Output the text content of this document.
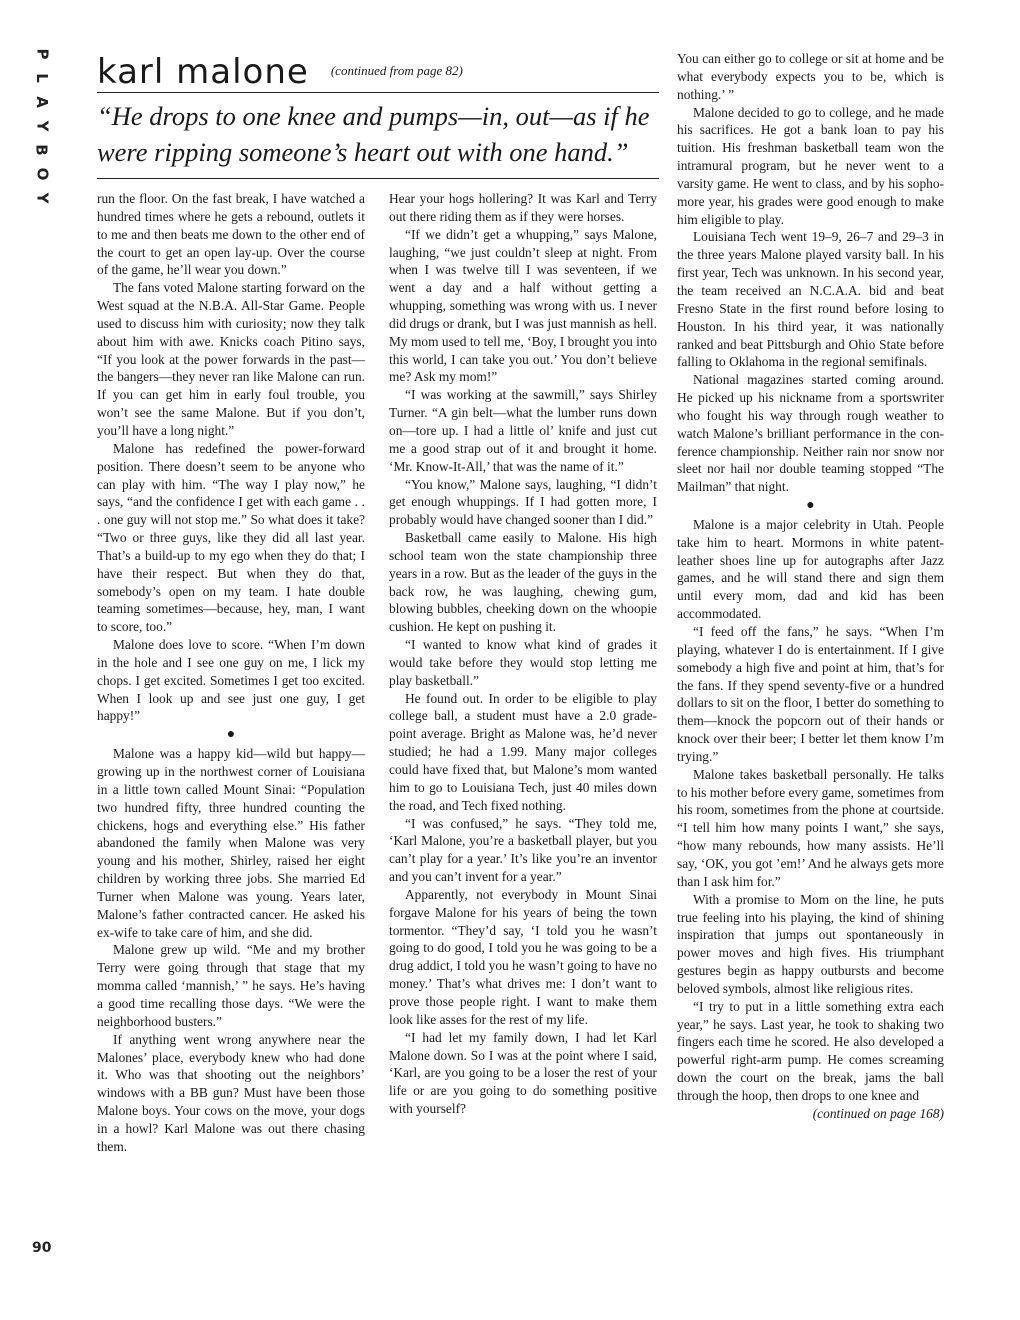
P
L
A
Y
B
O
Y
karl malone (continued from page 82)
“He drops to one knee and pumps—in, out—as if he were ripping someone’s heart out with one hand.”

run the floor. On the fast break, I have watched a hundred times where he gets a rebound, outlets it to me and then beats me down to the other end of the court to get an open lay-up. Over the course of the game, he’ll wear you down.”

The fans voted Malone starting forward on the West squad at the N.B.A. All-Star Game. People used to discuss him with curiosity; now they talk about him with awe. Knicks coach Pitino says, “If you look at the power forwards in the past—the bangers—they never ran like Malone can run. If you can get him in early foul trouble, you won’t see the same Malone. But if you don’t, you’ll have a long night.”

Malone has redefined the power-forward position. There doesn’t seem to be anyone who can play with him. “The way I play now,” he says, “and the confidence I get with each game . . . one guy will not stop me.” So what does it take? “Two or three guys, like they did all last year. That’s a build-up to my ego when they do that; I have their respect. But when they do that, somebody’s open on my team. I hate double teaming sometimes—because, hey, man, I want to score, too.”

Malone does love to score. “When I’m down in the hole and I see one guy on me, I lick my chops. I get excited. Sometimes I get too excited. When I look up and see just one guy, I get happy!”

●

Malone was a happy kid—wild but happy—growing up in the northwest corner of Louisiana in a little town called Mount Sinai: “Population two hundred fifty, three hundred counting the chickens, hogs and everything else.” His father abandoned the family when Malone was very young and his mother, Shirley, raised her eight children by working three jobs. She married Ed Turner when Malone was young. Years later, Malone’s father contracted cancer. He asked his ex-wife to take care of him, and she did.

Malone grew up wild. “Me and my brother Terry were going through that stage that my momma called ‘mannish,’ ” he says. He’s having a good time recalling those days. “We were the neighborhood busters.”

If anything went wrong anywhere near the Malones’ place, everybody knew who had done it. Who was that shooting out the neighbors’ windows with a BB gun? Must have been those Malone boys. Your cows on the move, your dogs in a howl? Karl Malone was out there chasing them.

Hear your hogs hollering? It was Karl and Terry out there riding them as if they were horses.

“If we didn’t get a whupping,” says Malone, laughing, “we just couldn’t sleep at night. From when I was twelve till I was seventeen, if we went a day and a half without getting a whupping, something was wrong with us. I never did drugs or drank, but I was just mannish as hell. My mom used to tell me, ‘Boy, I brought you into this world, I can take you out.’ You don’t believe me? Ask my mom!”

“I was working at the sawmill,” says Shirley Turner. “A gin belt—what the lumber runs down on—tore up. I had a little ol’ knife and just cut me a good strap out of it and brought it home. ‘Mr. Know-It-All,’ that was the name of it.”

“You know,” Malone says, laughing, “I didn’t get enough whuppings. If I had gotten more, I probably would have changed sooner than I did.”

Basketball came easily to Malone. His high school team won the state championship three years in a row. But as the leader of the guys in the back row, he was laughing, chewing gum, blowing bubbles, cheeking down on the whoopie cushion. He kept on pushing it.

“I wanted to know what kind of grades it would take before they would stop letting me play basketball.”

He found out. In order to be eligible to play college ball, a student must have a 2.0 grade-point average. Bright as Malone was, he’d never studied; he had a 1.99. Many major colleges could have fixed that, but Malone’s mom wanted him to go to Louisiana Tech, just 40 miles down the road, and Tech fixed nothing.

“I was confused,” he says. “They told me, ‘Karl Malone, you’re a basketball player, but you can’t play for a year.’ It’s like you’re an inventor and you can’t invent for a year.”

Apparently, not everybody in Mount Sinai forgave Malone for his years of being the town tormentor. “They’d say, ‘I told you he wasn’t going to do good, I told you he was going to be a drug addict, I told you he wasn’t going to have no money.’ That’s what drives me: I don’t want to prove those people right. I want to make them look like asses for the rest of my life.

“I had let my family down, I had let Karl Malone down. So I was at the point where I said, ‘Karl, are you going to be a loser the rest of your life or are you going to do something positive with yourself?

You can either go to college or sit at home and be what everybody expects you to be, which is nothing.’ ”

Malone decided to go to college, and he made his sacrifices. He got a bank loan to pay his tuition. His freshman basketball team won the intramural program, but he never went to a varsity game. He went to class, and by his sophomore year, his grades were good enough to make him eligible to play.

Louisiana Tech went 19–9, 26–7 and 29–3 in the three years Malone played varsity ball. In his first year, Tech was unknown. In his second year, the team received an N.C.A.A. bid and beat Fresno State in the first round before losing to Houston. In his third year, it was nationally ranked and beat Pittsburgh and Ohio State before falling to Oklahoma in the regional semifinals.

National magazines started coming around. He picked up his nickname from a sportswriter who fought his way through rough weather to watch Malone’s brilliant performance in the conference championship. Neither rain nor snow nor sleet nor hail nor double teaming stopped “The Mailman” that night.

●

Malone is a major celebrity in Utah. People take him to heart. Mormons in white patent-leather shoes line up for autographs after Jazz games, and he will stand there and sign them until every mom, dad and kid has been accommodated.

“I feed off the fans,” he says. “When I’m playing, whatever I do is entertainment. If I give somebody a high five and point at him, that’s for the fans. If they spend seventy-five or a hundred dollars to sit on the floor, I better do something to them—knock the popcorn out of their hands or knock over their beer; I better let them know I’m trying.”

Malone takes basketball personally. He talks to his mother before every game, sometimes from his room, sometimes from the phone at courtside. “I tell him how many points I want,” she says, “how many rebounds, how many assists. He’ll say, ‘OK, you got ’em!’ And he always gets more than I ask him for.”

With a promise to Mom on the line, he puts true feeling into his playing, the kind of shining inspiration that jumps out spontaneously in power moves and high fives. His triumphant gestures begin as happy outbursts and become beloved symbols, almost like religious rites.

“I try to put in a little something extra each year,” he says. Last year, he took to shaking two fingers each time he scored. He also developed a powerful right-arm pump. He comes screaming down the court on the break, jams the ball through the hoop, then drops to one knee and

(continued on page 168)

90
